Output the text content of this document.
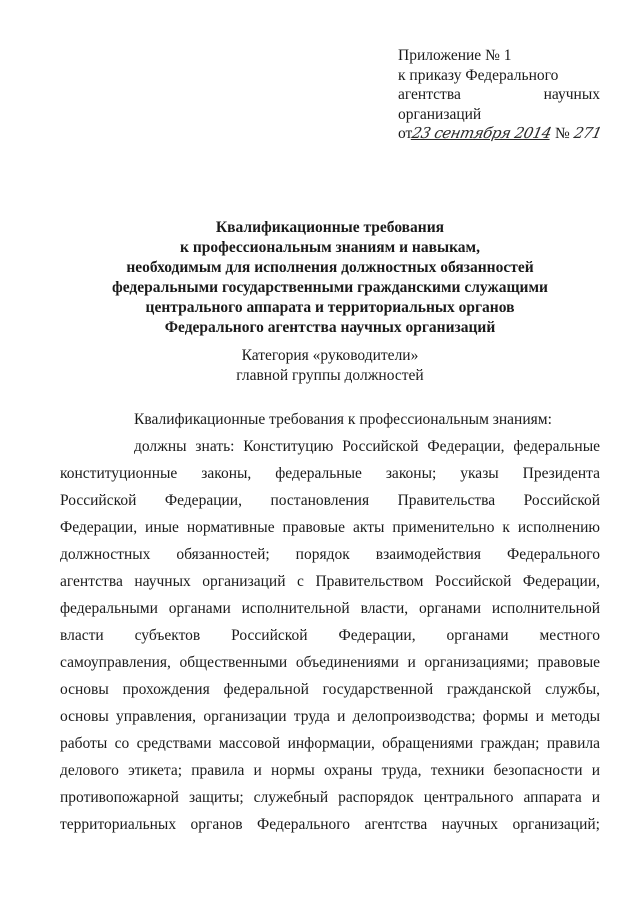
Приложение № 1
к приказу Федерального
агентства научных
организаций
от23 сентября 2014 № 271
Квалификационные требования
к профессиональным знаниям и навыкам,
необходимым для исполнения должностных обязанностей
федеральными государственными гражданскими служащими
центрального аппарата и территориальных органов
Федерального агентства научных организаций
Категория «руководители»
главной группы должностей
Квалификационные требования к профессиональным знаниям:
должны знать: Конституцию Российской Федерации, федеральные
конституционные законы, федеральные законы; указы Президента
Российской Федерации, постановления Правительства Российской
Федерации, иные нормативные правовые акты применительно к исполнению
должностных обязанностей; порядок взаимодействия Федерального
агентства научных организаций с Правительством Российской Федерации,
федеральными органами исполнительной власти, органами исполнительной
власти субъектов Российской Федерации, органами местного
самоуправления, общественными объединениями и организациями; правовые
основы прохождения федеральной государственной гражданской службы,
основы управления, организации труда и делопроизводства; формы и методы
работы со средствами массовой информации, обращениями граждан; правила
делового этикета; правила и нормы охраны труда, техники безопасности и
противопожарной защиты; служебный распорядок центрального аппарата и
территориальных органов Федерального агентства научных организаций;
